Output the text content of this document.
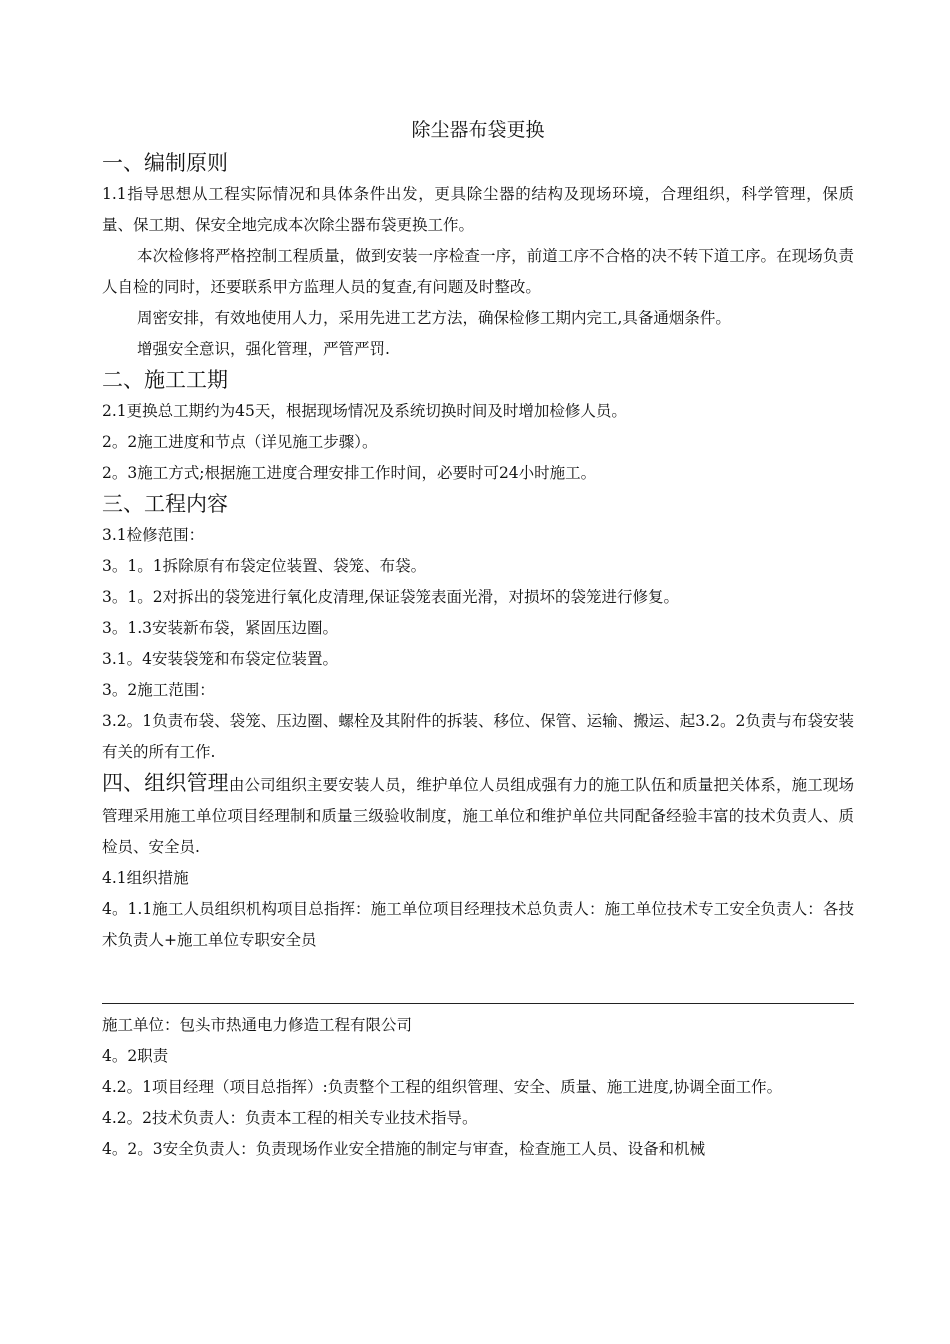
除尘器布袋更换
一、编制原则

1.1指导思想从工程实际情况和具体条件出发，更具除尘器的结构及现场环境，合理组织，科学管理，保质量、保工期、保安全地完成本次除尘器布袋更换工作。

本次检修将严格控制工程质量，做到安装一序检查一序，前道工序不合格的决不转下道工序。在现场负责人自检的同时，还要联系甲方监理人员的复查,有问题及时整改。

周密安排，有效地使用人力，采用先进工艺方法，确保检修工期内完工,具备通烟条件。

增强安全意识，强化管理，严管严罚.

二、施工工期

2.1更换总工期约为45天，根据现场情况及系统切换时间及时增加检修人员。

2。2施工进度和节点（详见施工步骤）。

2。3施工方式;根据施工进度合理安排工作时间，必要时可24小时施工。

三、工程内容

3.1检修范围：

3。1。1拆除原有布袋定位装置、袋笼、布袋。

3。1。2对拆出的袋笼进行氧化皮清理,保证袋笼表面光滑，对损坏的袋笼进行修复。

3。1.3安装新布袋，紧固压边圈。

3.1。4安装袋笼和布袋定位装置。

3。2施工范围：

3.2。1负责布袋、袋笼、压边圈、螺栓及其附件的拆装、移位、保管、运输、搬运、起3.2。2负责与布袋安装有关的所有工作.

四、组织管理由公司组织主要安装人员，维护单位人员组成强有力的施工队伍和质量把关体系，施工现场管理采用施工单位项目经理制和质量三级验收制度，施工单位和维护单位共同配备经验丰富的技术负责人、质检员、安全员.

4.1组织措施

4。1.1施工人员组织机构项目总指挥：施工单位项目经理技术总负责人：施工单位技术专工安全负责人：各技术负责人+施工单位专职安全员

施工单位：包头市热通电力修造工程有限公司

4。2职责

4.2。1项目经理（项目总指挥）:负责整个工程的组织管理、安全、质量、施工进度,协调全面工作。

4.2。2技术负责人：负责本工程的相关专业技术指导。

4。2。3安全负责人：负责现场作业安全措施的制定与审查，检查施工人员、设备和机械
